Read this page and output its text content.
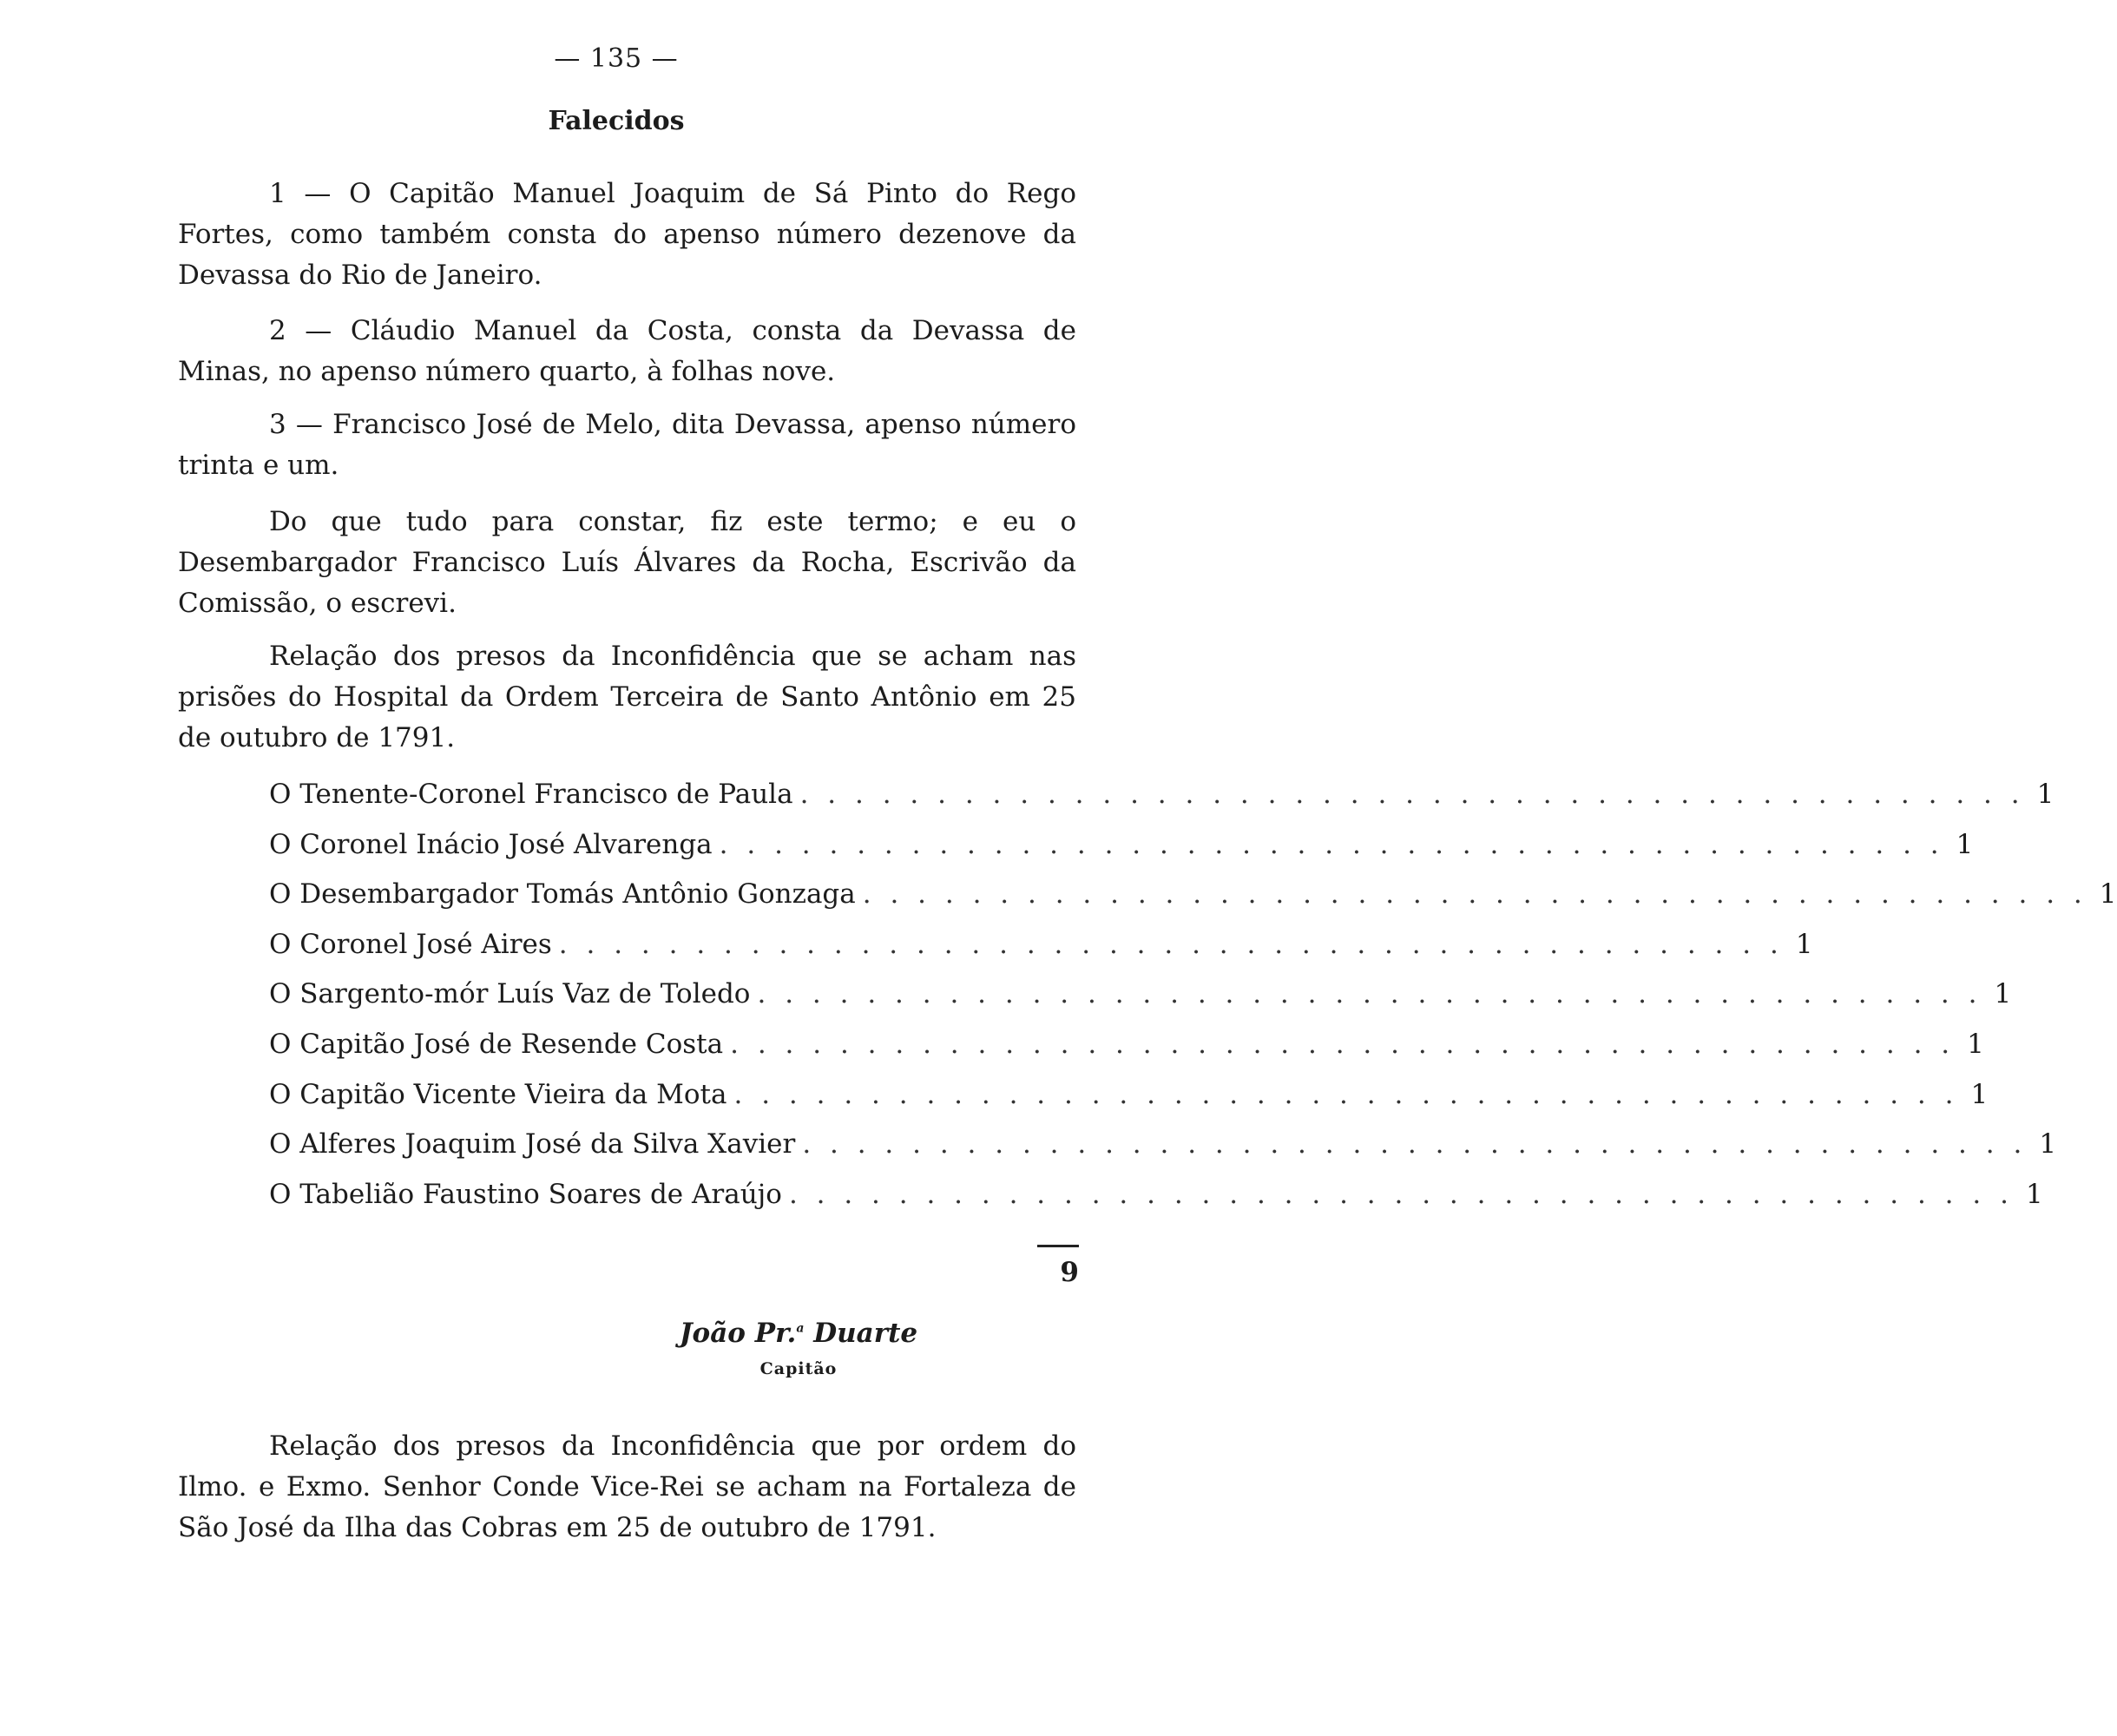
— 135 —
Falecidos
1 — O Capitão Manuel Joaquim de Sá Pinto do Rego Fortes, como também consta do apenso número dezenove da Devassa do Rio de Janeiro.
2 — Cláudio Manuel da Costa, consta da Devassa de Minas, no apenso número quarto, à folhas nove.
3 — Francisco José de Melo, dita Devassa, apenso número trinta e um.
Do que tudo para constar, fiz este termo; e eu o Desembargador Francisco Luís Álvares da Rocha, Escrivão da Comissão, o escrevi.
Relação dos presos da Inconfidência que se acham nas prisões do Hospital da Ordem Terceira de Santo Antônio em 25 de outubro de 1791.
O Tenente-Coronel Francisco de Paula . . . . . . . . . . . . . . . . . . . . . . . . . . . . . . . . . . . . . . . . . . . . . 1
O Coronel Inácio José Alvarenga . . . . . . . . . . . . . . . . . . . . . . . . . . . . . . . . . . . . . . . . . . . . . 1
O Desembargador Tomás Antônio Gonzaga . . . . . . . . . . . . . . . . . . . . . . . . . . . . . . . . . . . . . . . . . . . . . 1
O Coronel José Aires . . . . . . . . . . . . . . . . . . . . . . . . . . . . . . . . . . . . . . . . . . . . . 1
O Sargento-mór Luís Vaz de Toledo . . . . . . . . . . . . . . . . . . . . . . . . . . . . . . . . . . . . . . . . . . . . . 1
O Capitão José de Resende Costa . . . . . . . . . . . . . . . . . . . . . . . . . . . . . . . . . . . . . . . . . . . . . 1
O Capitão Vicente Vieira da Mota . . . . . . . . . . . . . . . . . . . . . . . . . . . . . . . . . . . . . . . . . . . . . 1
O Alferes Joaquim José da Silva Xavier . . . . . . . . . . . . . . . . . . . . . . . . . . . . . . . . . . . . . . . . . . . . . 1
O Tabelião Faustino Soares de Araújo . . . . . . . . . . . . . . . . . . . . . . . . . . . . . . . . . . . . . . . . . . . . . 1
9
João Pr.$^a$ Duarte
Capitão
Relação dos presos da Inconfidência que por ordem do Ilmo. e Exmo. Senhor Conde Vice-Rei se acham na Fortaleza de São José da Ilha das Cobras em 25 de outubro de 1791.
